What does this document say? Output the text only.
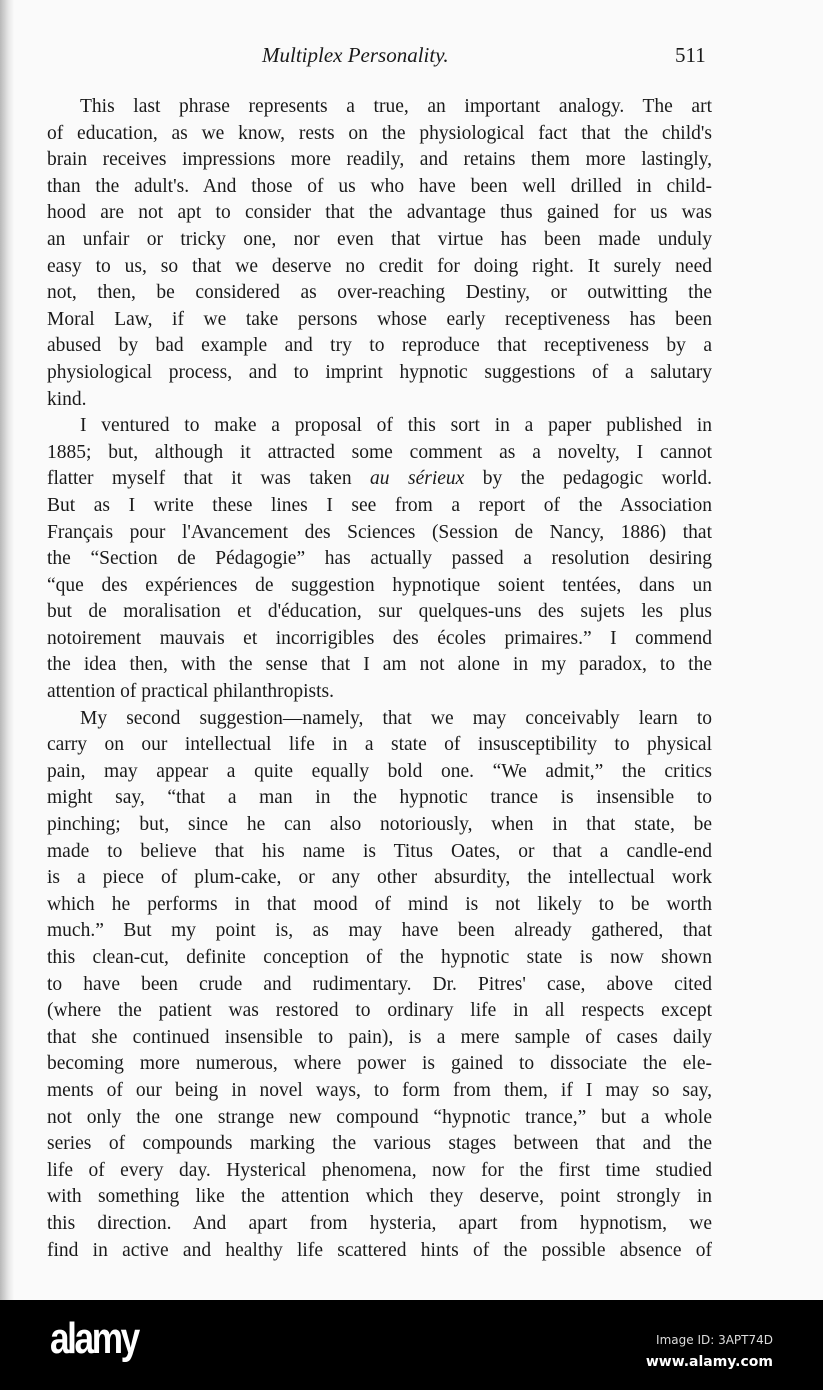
Multiplex Personality.	511
This last phrase represents a true, an important analogy. The art
of education, as we know, rests on the physiological fact that the child's
brain receives impressions more readily, and retains them more lastingly,
than the adult's. And those of us who have been well drilled in child-
hood are not apt to consider that the advantage thus gained for us was
an unfair or tricky one, nor even that virtue has been made unduly
easy to us, so that we deserve no credit for doing right. It surely need
not, then, be considered as over-reaching Destiny, or outwitting the
Moral Law, if we take persons whose early receptiveness has been
abused by bad example and try to reproduce that receptiveness by a
physiological process, and to imprint hypnotic suggestions of a salutary
kind.
I ventured to make a proposal of this sort in a paper published in
1885; but, although it attracted some comment as a novelty, I cannot
flatter myself that it was taken au sérieux by the pedagogic world.
But as I write these lines I see from a report of the Association
Français pour l'Avancement des Sciences (Session de Nancy, 1886) that
the “Section de Pédagogie” has actually passed a resolution desiring
“que des expériences de suggestion hypnotique soient tentées, dans un
but de moralisation et d'éducation, sur quelques-uns des sujets les plus
notoirement mauvais et incorrigibles des écoles primaires.” I commend
the idea then, with the sense that I am not alone in my paradox, to the
attention of practical philanthropists.
My second suggestion—namely, that we may conceivably learn to
carry on our intellectual life in a state of insusceptibility to physical
pain, may appear a quite equally bold one. “We admit,” the critics
might say, “that a man in the hypnotic trance is insensible to
pinching; but, since he can also notoriously, when in that state, be
made to believe that his name is Titus Oates, or that a candle-end
is a piece of plum-cake, or any other absurdity, the intellectual work
which he performs in that mood of mind is not likely to be worth
much.” But my point is, as may have been already gathered, that
this clean-cut, definite conception of the hypnotic state is now shown
to have been crude and rudimentary. Dr. Pitres' case, above cited
(where the patient was restored to ordinary life in all respects except
that she continued insensible to pain), is a mere sample of cases daily
becoming more numerous, where power is gained to dissociate the ele-
ments of our being in novel ways, to form from them, if I may so say,
not only the one strange new compound “hypnotic trance,” but a whole
series of compounds marking the various stages between that and the
life of every day. Hysterical phenomena, now for the first time studied
with something like the attention which they deserve, point strongly in
this direction. And apart from hysteria, apart from hypnotism, we
find in active and healthy life scattered hints of the possible absence of
alamy	Image ID: 3APT74D
www.alamy.com
